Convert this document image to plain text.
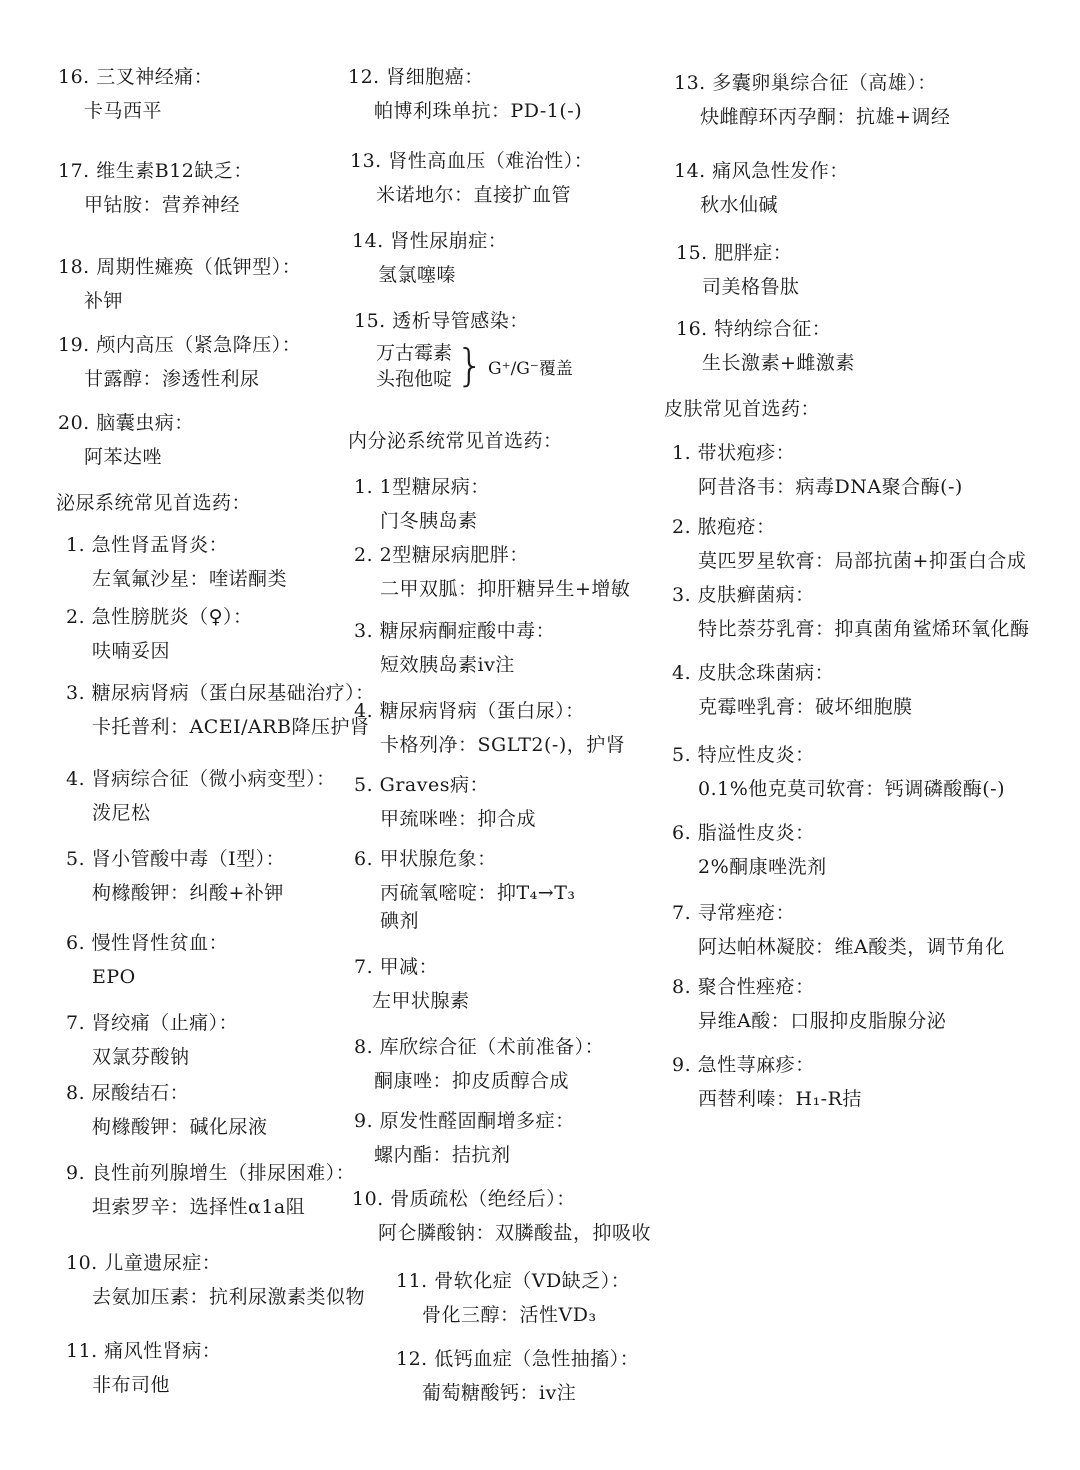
16. 三叉神经痛：
卡马西平
17. 维生素B12缺乏：
甲钴胺：营养神经
18. 周期性瘫痪（低钾型）：
补钾
19. 颅内高压（紧急降压）：
甘露醇：渗透性利尿
20. 脑囊虫病：
阿苯达唑
泌尿系统常见首选药：
1. 急性肾盂肾炎：
左氧氟沙星：喹诺酮类
2. 急性膀胱炎（♀）：
呋喃妥因
3. 糖尿病肾病（蛋白尿基础治疗）：
卡托普利：ACEI/ARB降压护肾
4. 肾病综合征（微小病变型）：
泼尼松
5. 肾小管酸中毒（I型）：
枸橼酸钾：纠酸+补钾
6. 慢性肾性贫血：
EPO
7. 肾绞痛（止痛）：
双氯芬酸钠
8. 尿酸结石：
枸橼酸钾：碱化尿液
9. 良性前列腺增生（排尿困难）：
坦索罗辛：选择性α1a阻
10. 儿童遗尿症：
去氨加压素：抗利尿激素类似物
11. 痛风性肾病：
非布司他
12. 肾细胞癌：
帕博利珠单抗：PD-1(-)
13. 肾性高血压（难治性）：
米诺地尔：直接扩血管
14. 肾性尿崩症：
氢氯噻嗪
15. 透析导管感染：
万古霉素
头孢他啶 } G⁺/G⁻覆盖
内分泌系统常见首选药：
1. 1型糖尿病：
门冬胰岛素
2. 2型糖尿病肥胖：
二甲双胍：抑肝糖异生+增敏
3. 糖尿病酮症酸中毒：
短效胰岛素iv注
4. 糖尿病肾病（蛋白尿）：
卡格列净：SGLT2(-)，护肾
5. Graves病：
甲巯咪唑：抑合成
6. 甲状腺危象：
丙硫氧嘧啶：抑T₄→T₃
碘剂
7. 甲减：
左甲状腺素
8. 库欣综合征（术前准备）：
酮康唑：抑皮质醇合成
9. 原发性醛固酮增多症：
螺内酯：拮抗剂
10. 骨质疏松（绝经后）：
阿仑膦酸钠：双膦酸盐，抑吸收
11. 骨软化症（VD缺乏）：
骨化三醇：活性VD₃
12. 低钙血症（急性抽搐）：
葡萄糖酸钙：iv注
13. 多囊卵巢综合征（高雄）：
炔雌醇环丙孕酮：抗雄+调经
14. 痛风急性发作：
秋水仙碱
15. 肥胖症：
司美格鲁肽
16. 特纳综合征：
生长激素+雌激素
皮肤常见首选药：
1. 带状疱疹：
阿昔洛韦：病毒DNA聚合酶(-)
2. 脓疱疮：
莫匹罗星软膏：局部抗菌+抑蛋白合成
3. 皮肤癣菌病：
特比萘芬乳膏：抑真菌角鲨烯环氧化酶
4. 皮肤念珠菌病：
克霉唑乳膏：破坏细胞膜
5. 特应性皮炎：
0.1%他克莫司软膏：钙调磷酸酶(-)
6. 脂溢性皮炎：
2%酮康唑洗剂
7. 寻常痤疮：
阿达帕林凝胶：维A酸类，调节角化
8. 聚合性痤疮：
异维A酸：口服抑皮脂腺分泌
9. 急性荨麻疹：
西替利嗪：H₁-R拮
